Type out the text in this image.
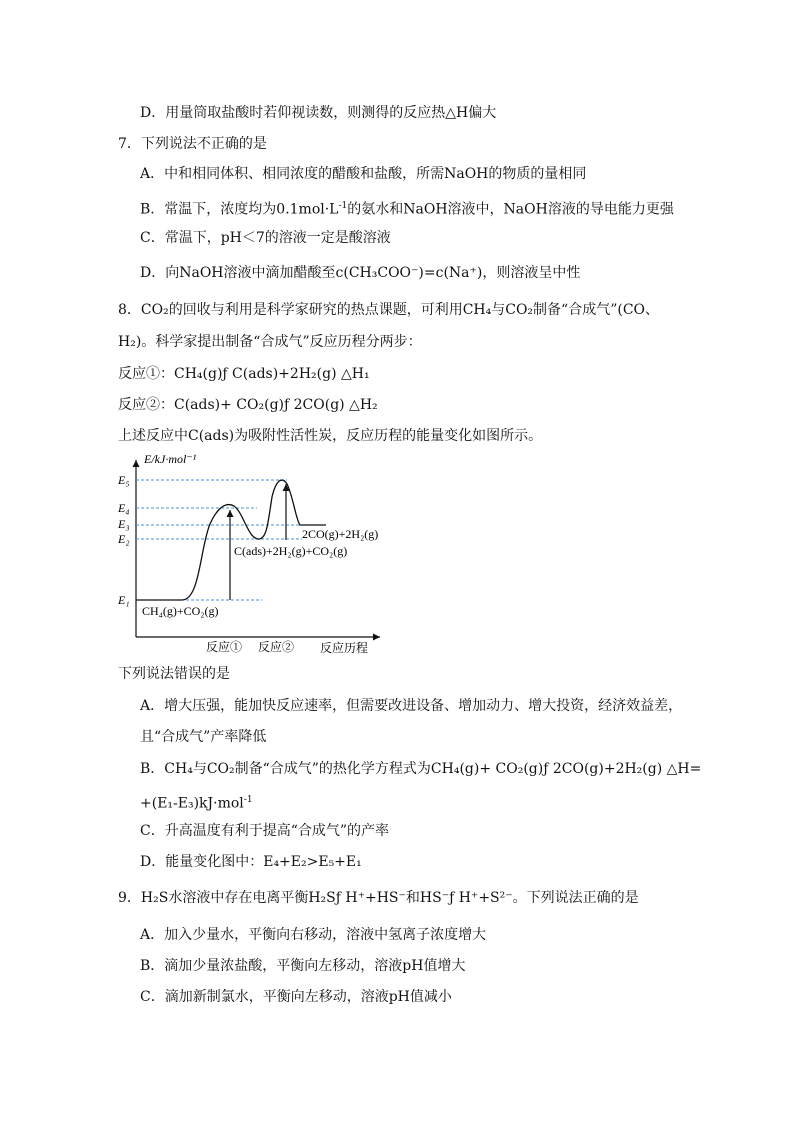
D．用量筒取盐酸时若仰视读数，则测得的反应热△H偏大
7．下列说法不正确的是
A．中和相同体积、相同浓度的醋酸和盐酸，所需NaOH的物质的量相同
B．常温下，浓度均为$0.1mol\cdot L^{-1}$的氨水和NaOH溶液中，NaOH溶液的导电能力更强
C．常温下，pH＜7的溶液一定是酸溶液
D．向NaOH溶液中滴加醋酸至c(CH₃COO⁻)=c(Na⁺)，则溶液呈中性
8．CO₂的回收与利用是科学家研究的热点课题，可利用CH₄与CO₂制备“合成气”(CO、
H₂)。科学家提出制备“合成气”反应历程分两步：
反应①：CH₄(g)ƒ C(ads)+2H₂(g) △H₁
反应②：C(ads)+ CO₂(g)ƒ 2CO(g) △H₂
上述反应中C(ads)为吸附性活性炭，反应历程的能量变化如图所示。
E/kJ·mol⁻¹
E₅
E₄
E₃
E₂
E₁
CH₄(g)+CO₂(g)
C(ads)+2H₂(g)+CO₂(g)
2CO(g)+2H₂(g)
反应① 反应② 反应历程
下列说法错误的是
A．增大压强，能加快反应速率，但需要改进设备、增加动力、增大投资，经济效益差，
且“合成气”产率降低
B．CH₄与CO₂制备“合成气”的热化学方程式为CH₄(g)+ CO₂(g)ƒ 2CO(g)+2H₂(g) △H=
+(E₁-E₃)kJ·mol$^{-1}$
C．升高温度有利于提高“合成气”的产率
D．能量变化图中：E₄+E₂>E₅+E₁
9．H₂S水溶液中存在电离平衡H₂Sƒ H⁺+HS⁻和HS⁻ƒ H⁺+S²⁻。下列说法正确的是
A．加入少量水，平衡向右移动，溶液中氢离子浓度增大
B．滴加少量浓盐酸，平衡向左移动，溶液pH值增大
C．滴加新制氯水，平衡向左移动，溶液pH值减小
